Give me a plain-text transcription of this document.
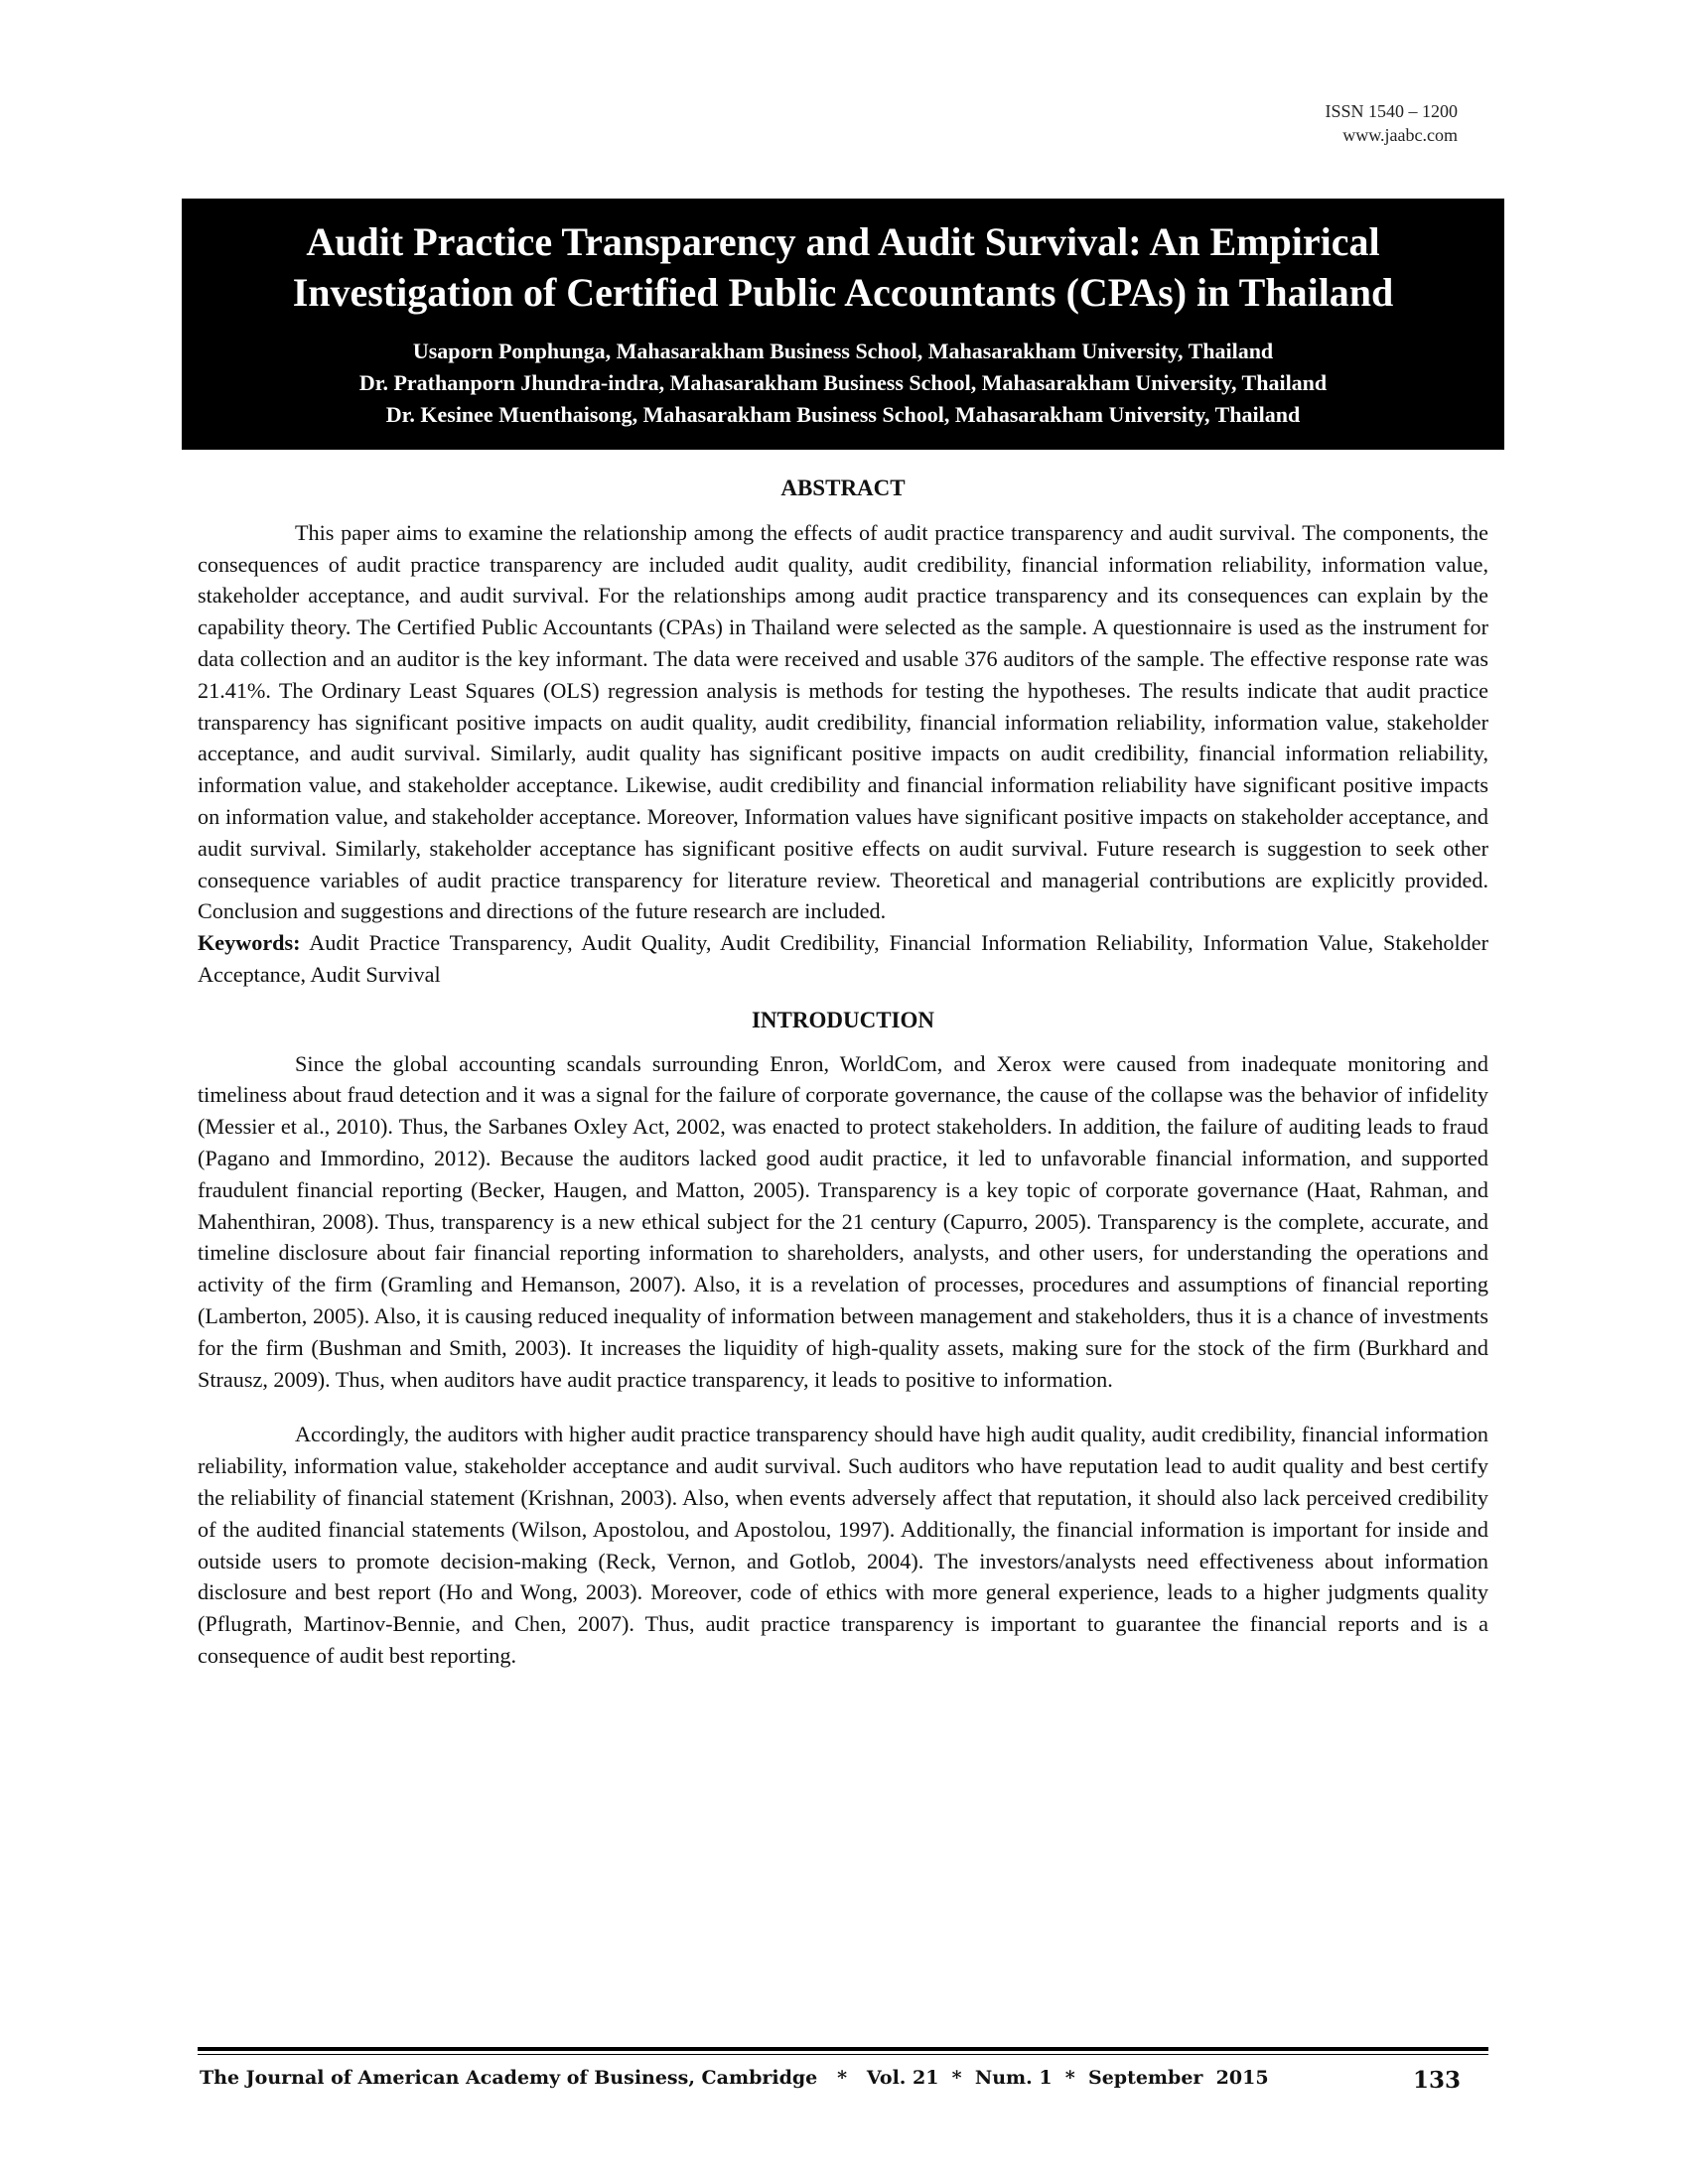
ISSN 1540 – 1200
www.jaabc.com
Audit Practice Transparency and Audit Survival: An Empirical
Investigation of Certified Public Accountants (CPAs) in Thailand
Usaporn Ponphunga, Mahasarakham Business School, Mahasarakham University, Thailand
Dr. Prathanporn Jhundra-indra, Mahasarakham Business School, Mahasarakham University, Thailand
Dr. Kesinee Muenthaisong, Mahasarakham Business School, Mahasarakham University, Thailand
ABSTRACT

This paper aims to examine the relationship among the effects of audit practice transparency and audit survival. The components, the consequences of audit practice transparency are included audit quality, audit credibility, financial information reliability, information value, stakeholder acceptance, and audit survival. For the relationships among audit practice transparency and its consequences can explain by the capability theory. The Certified Public Accountants (CPAs) in Thailand were selected as the sample. A questionnaire is used as the instrument for data collection and an auditor is the key informant. The data were received and usable 376 auditors of the sample. The effective response rate was 21.41%. The Ordinary Least Squares (OLS) regression analysis is methods for testing the hypotheses. The results indicate that audit practice transparency has significant positive impacts on audit quality, audit credibility, financial information reliability, information value, stakeholder acceptance, and audit survival. Similarly, audit quality has significant positive impacts on audit credibility, financial information reliability, information value, and stakeholder acceptance. Likewise, audit credibility and financial information reliability have significant positive impacts on information value, and stakeholder acceptance. Moreover, Information values have significant positive impacts on stakeholder acceptance, and audit survival. Similarly, stakeholder acceptance has significant positive effects on audit survival. Future research is suggestion to seek other consequence variables of audit practice transparency for literature review. Theoretical and managerial contributions are explicitly provided. Conclusion and suggestions and directions of the future research are included.

Keywords: Audit Practice Transparency, Audit Quality, Audit Credibility, Financial Information Reliability, Information Value, Stakeholder Acceptance, Audit Survival

INTRODUCTION

Since the global accounting scandals surrounding Enron, WorldCom, and Xerox were caused from inadequate monitoring and timeliness about fraud detection and it was a signal for the failure of corporate governance, the cause of the collapse was the behavior of infidelity (Messier et al., 2010). Thus, the Sarbanes Oxley Act, 2002, was enacted to protect stakeholders. In addition, the failure of auditing leads to fraud (Pagano and Immordino, 2012). Because the auditors lacked good audit practice, it led to unfavorable financial information, and supported fraudulent financial reporting (Becker, Haugen, and Matton, 2005). Transparency is a key topic of corporate governance (Haat, Rahman, and Mahenthiran, 2008). Thus, transparency is a new ethical subject for the 21 century (Capurro, 2005). Transparency is the complete, accurate, and timeline disclosure about fair financial reporting information to shareholders, analysts, and other users, for understanding the operations and activity of the firm (Gramling and Hemanson, 2007). Also, it is a revelation of processes, procedures and assumptions of financial reporting (Lamberton, 2005). Also, it is causing reduced inequality of information between management and stakeholders, thus it is a chance of investments for the firm (Bushman and Smith, 2003). It increases the liquidity of high-quality assets, making sure for the stock of the firm (Burkhard and Strausz, 2009). Thus, when auditors have audit practice transparency, it leads to positive to information.

Accordingly, the auditors with higher audit practice transparency should have high audit quality, audit credibility, financial information reliability, information value, stakeholder acceptance and audit survival. Such auditors who have reputation lead to audit quality and best certify the reliability of financial statement (Krishnan, 2003). Also, when events adversely affect that reputation, it should also lack perceived credibility of the audited financial statements (Wilson, Apostolou, and Apostolou, 1997). Additionally, the financial information is important for inside and outside users to promote decision-making (Reck, Vernon, and Gotlob, 2004). The investors/analysts need effectiveness about information disclosure and best report (Ho and Wong, 2003). Moreover, code of ethics with more general experience, leads to a higher judgments quality (Pflugrath, Martinov-Bennie, and Chen, 2007). Thus, audit practice transparency is important to guarantee the financial reports and is a consequence of audit best reporting.

The Journal of American Academy of Business, Cambridge   *   Vol. 21  *  Num. 1  *  September  2015	133
